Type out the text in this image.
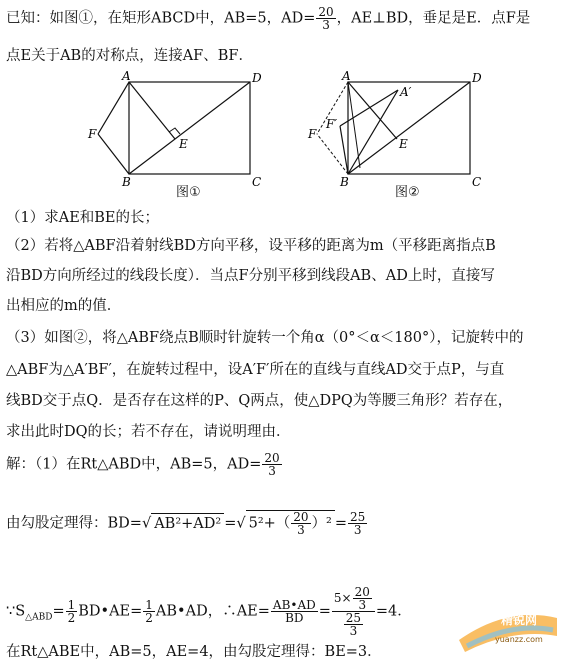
已知：如图①，在矩形ABCD中，AB=5，$AD= \frac{20}{3}$ ，AE⊥BD，垂足是E．点F是
点E关于AB的对称点，连接AF、BF．
A
B	C
D
E
F
图①
A
B	C
D
E
F
A′
F′
图②
（1）求AE和BE的长；
（2）若将△ABF沿着射线BD方向平移，设平移的距离为m（平移距离指点B
沿BD方向所经过的线段长度）．当点F分别平移到线段AB、AD上时，直接写
出相应的m的值．
（3）如图②，将△ABF绕点B顺时针旋转一个角α（0°＜α＜180°），记旋转中的
△ABF为△A′BF′，在旋转过程中，设A′F′所在的直线与直线AD交于点P，与直
线BD交于点Q．是否存在这样的P、Q两点，使△DPQ为等腰三角形？若存在，
求出此时DQ的长；若不存在，请说明理由．
解：（1）在Rt△ABD中，AB=5，$AD= \frac{20}{3}$
由勾股定理得：BD=√ AB²+AD² =√ $5^2+( \frac{20}{3} )^2 = \frac{25}{3}$
$\because S_{\triangle ABD}= \frac{1}{2}$ BD•AE= $\frac{1}{2}$ AB•AD，∴AE= $\frac{AB•AD}{BD} = \frac{5\times \frac{20}{3}}{\frac{25}{3}} =4$．
在Rt△ABE中，AB=5，AE=4，由勾股定理得：BE=3．
精锐网
yuanzz.com
